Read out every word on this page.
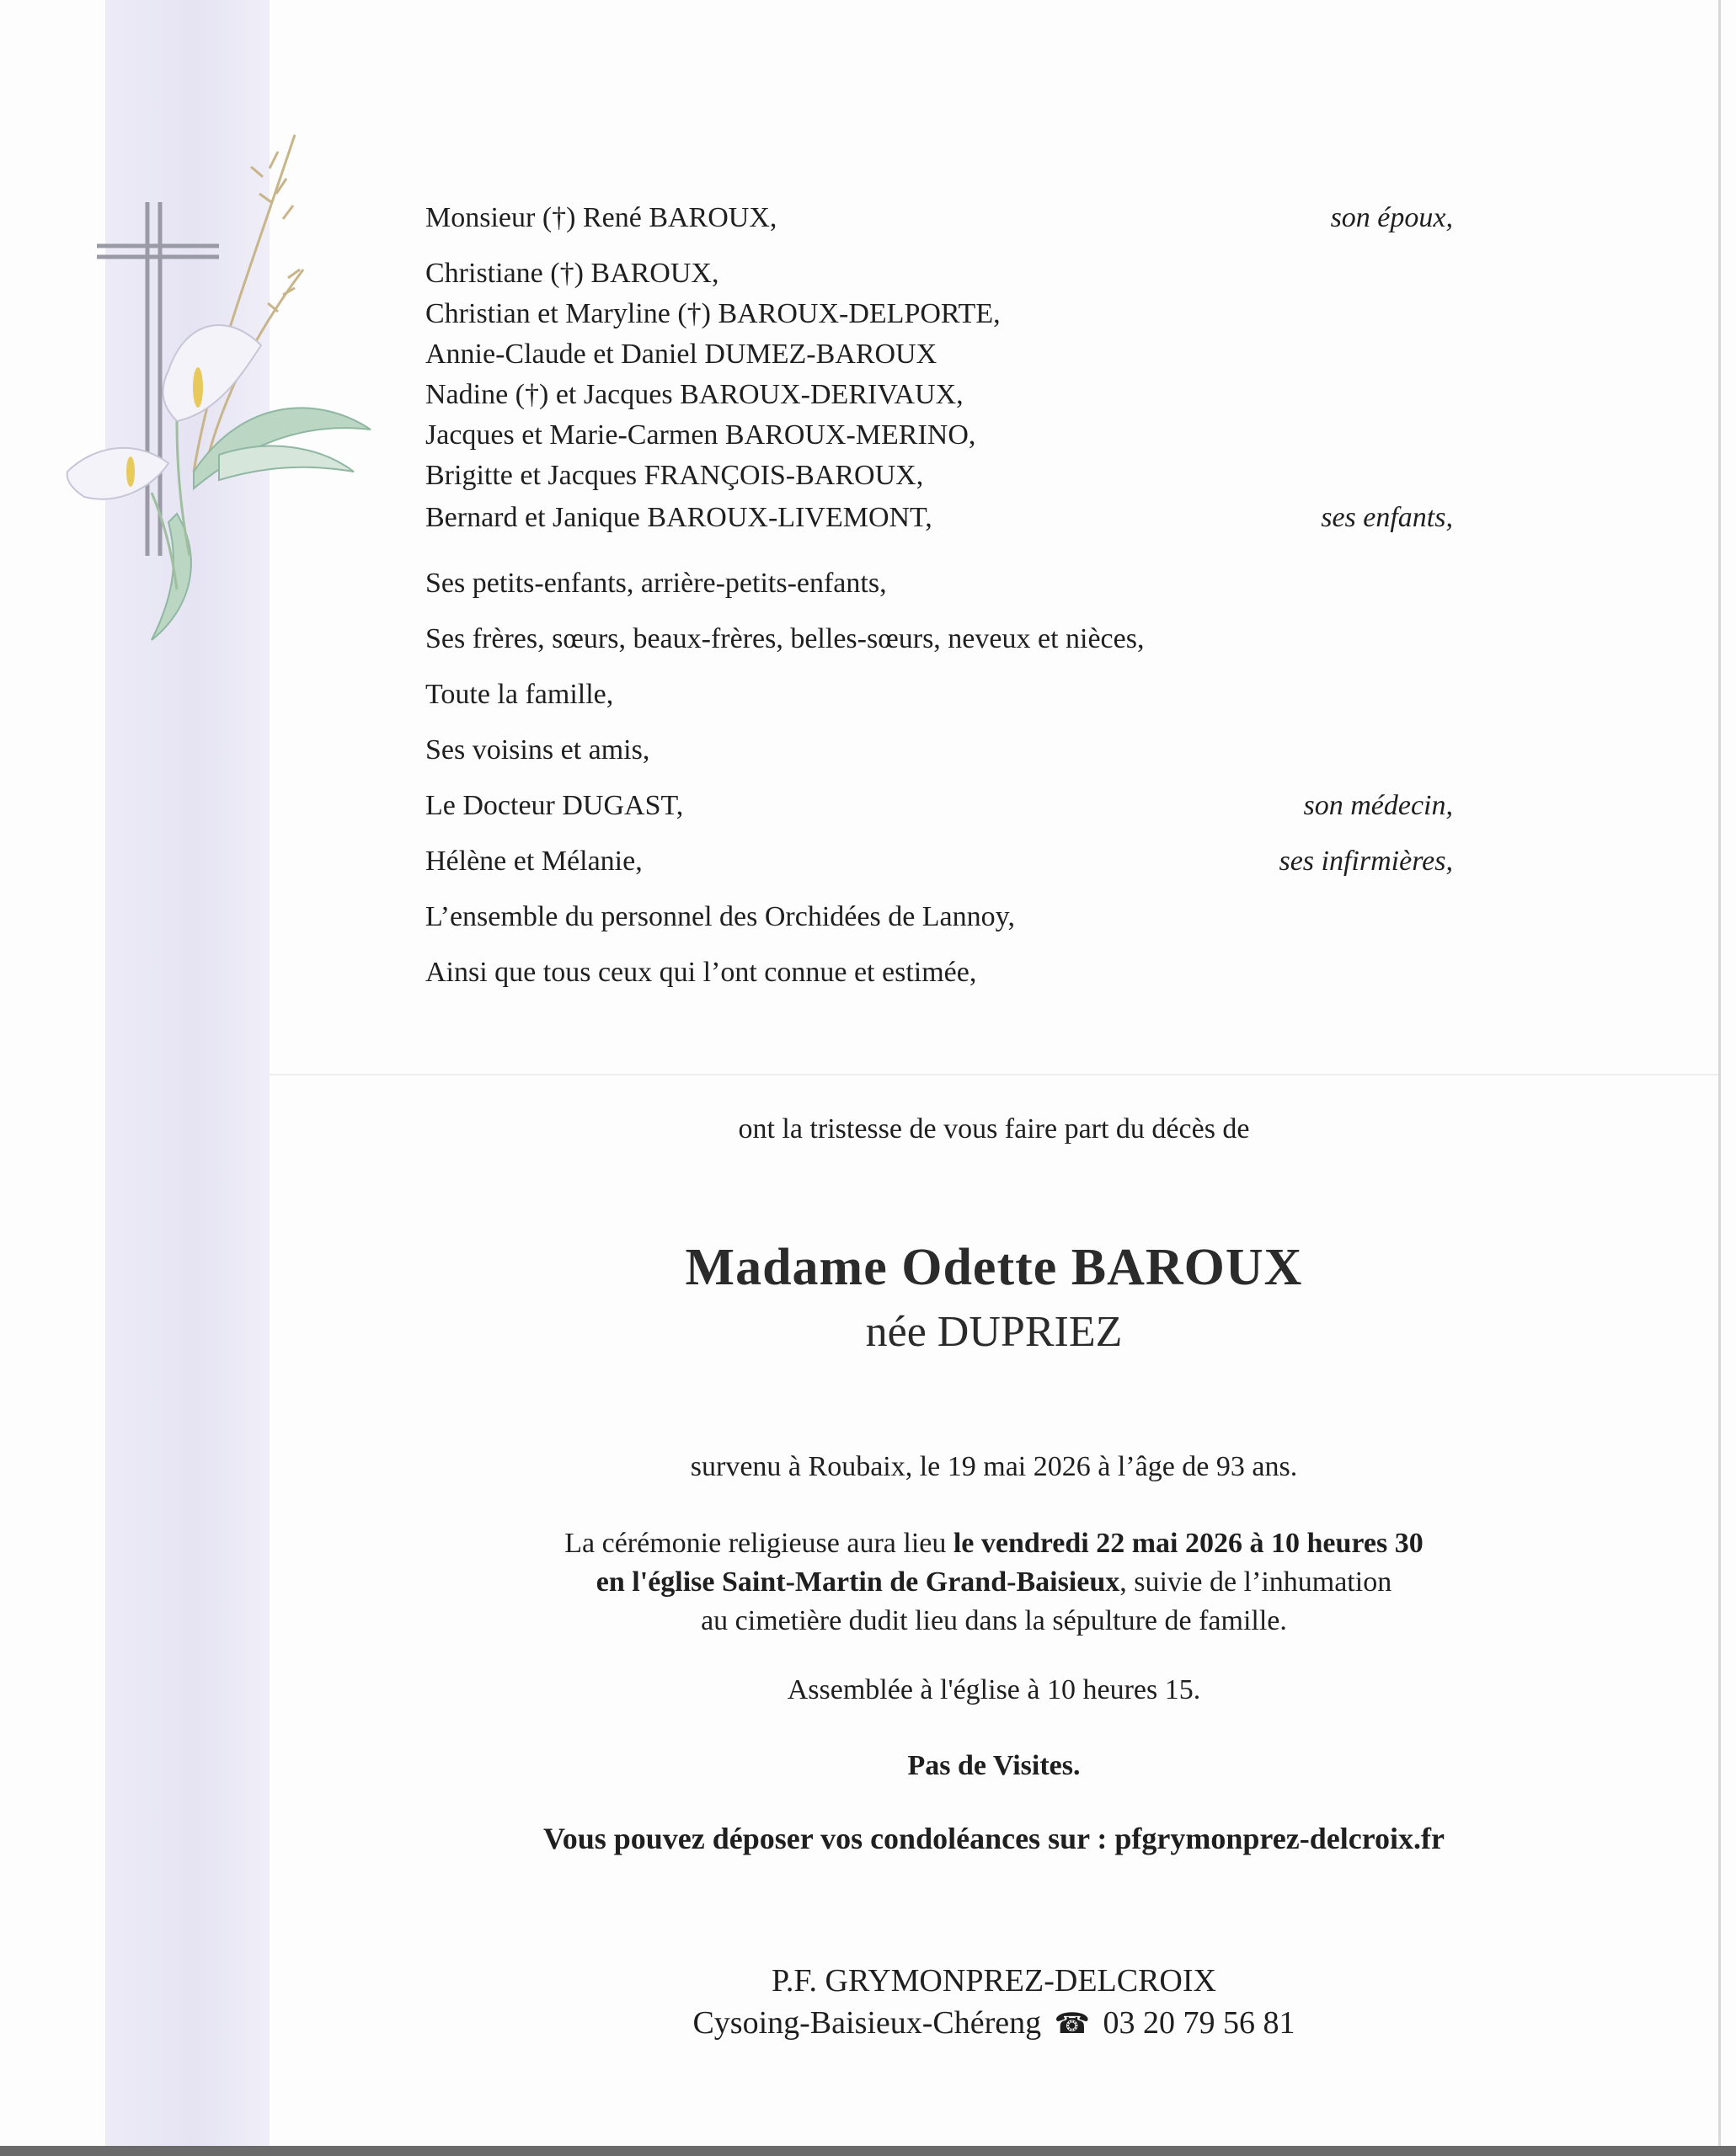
Monsieur (†) René BAROUX,	son époux,
Christiane (†) BAROUX,
Christian et Maryline (†) BAROUX-DELPORTE,
Annie-Claude et Daniel DUMEZ-BAROUX
Nadine (†) et Jacques BAROUX-DERIVAUX,
Jacques et Marie-Carmen BAROUX-MERINO,
Brigitte et Jacques FRANÇOIS-BAROUX,
Bernard et Janique BAROUX-LIVEMONT,	ses enfants,
Ses petits-enfants, arrière-petits-enfants,
Ses frères, sœurs, beaux-frères, belles-sœurs, neveux et nièces,
Toute la famille,
Ses voisins et amis,
Le Docteur DUGAST,	son médecin,
Hélène et Mélanie,	ses infirmières,
L’ensemble du personnel des Orchidées de Lannoy,
Ainsi que tous ceux qui l’ont connue et estimée,
ont la tristesse de vous faire part du décès de
Madame Odette BAROUX
née DUPRIEZ
survenu à Roubaix, le 19 mai 2026 à l’âge de 93 ans.
La cérémonie religieuse aura lieu le vendredi 22 mai 2026 à 10 heures 30
en l'église Saint-Martin de Grand-Baisieux, suivie de l’inhumation
au cimetière dudit lieu dans la sépulture de famille.
Assemblée à l'église à 10 heures 15.
Pas de Visites.
Vous pouvez déposer vos condoléances sur : pfgrymonprez-delcroix.fr
P.F. GRYMONPREZ-DELCROIX
Cysoing-Baisieux-Chéreng ☎ 03 20 79 56 81
